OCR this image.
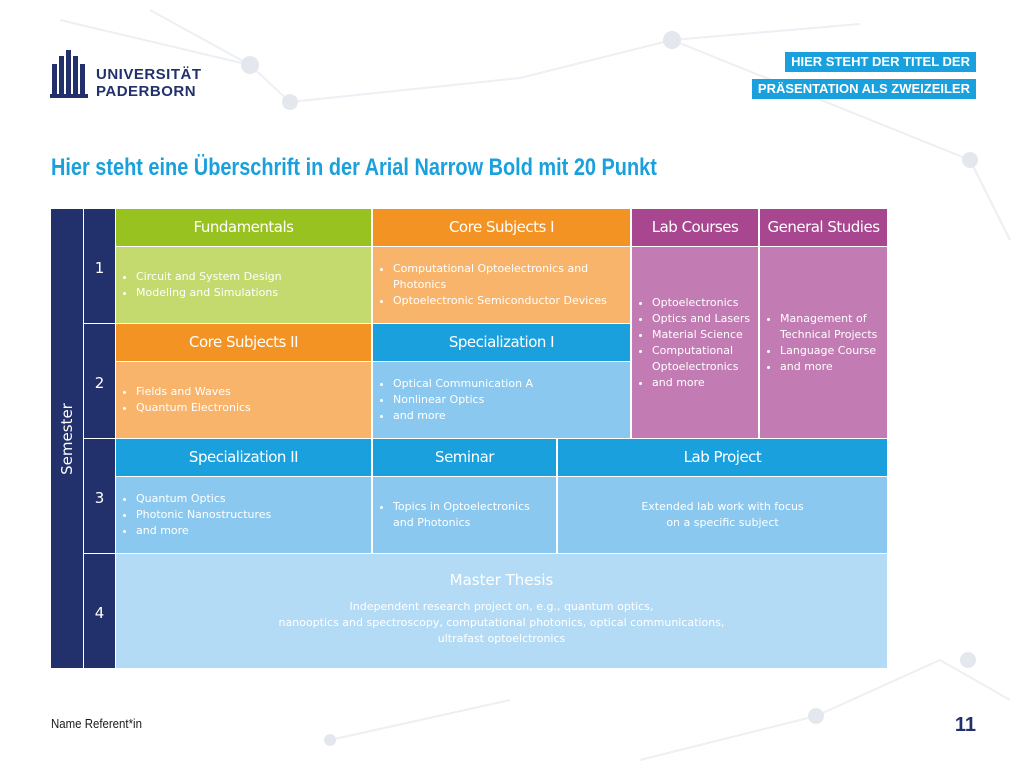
UNIVERSITÄT
PADERBORN
HIER STEHT DER TITEL DER
PRÄSENTATION ALS ZWEIZEILER
Hier steht eine Überschrift in der Arial Narrow Bold mit 20 Punkt
Semester
1
2
3
4
Fundamentals
• Circuit and System Design
• Modeling and Simulations
Core Subjects I
• Computational Optoelectronics and Photonics
• Optoelectronic Semiconductor Devices
Lab Courses
• Optoelectronics
• Optics and Lasers
• Material Science
• Computational Optoelectronics
• and more
General Studies
• Management of Technical Projects
• Language Course
• and more
Core Subjects II
• Fields and Waves
• Quantum Electronics
Specialization I
• Optical Communication A
• Nonlinear Optics
• and more
Specialization II
• Quantum Optics
• Photonic Nanostructures
• and more
Seminar
• Topics in Optoelectronics and Photonics
Lab Project
Extended lab work with focus
on a specific subject
Master Thesis
Independent research project on, e.g., quantum optics,
nanooptics and spectroscopy, computational photonics, optical communications,
ultrafast optoelctronics
Name Referent*in	11
